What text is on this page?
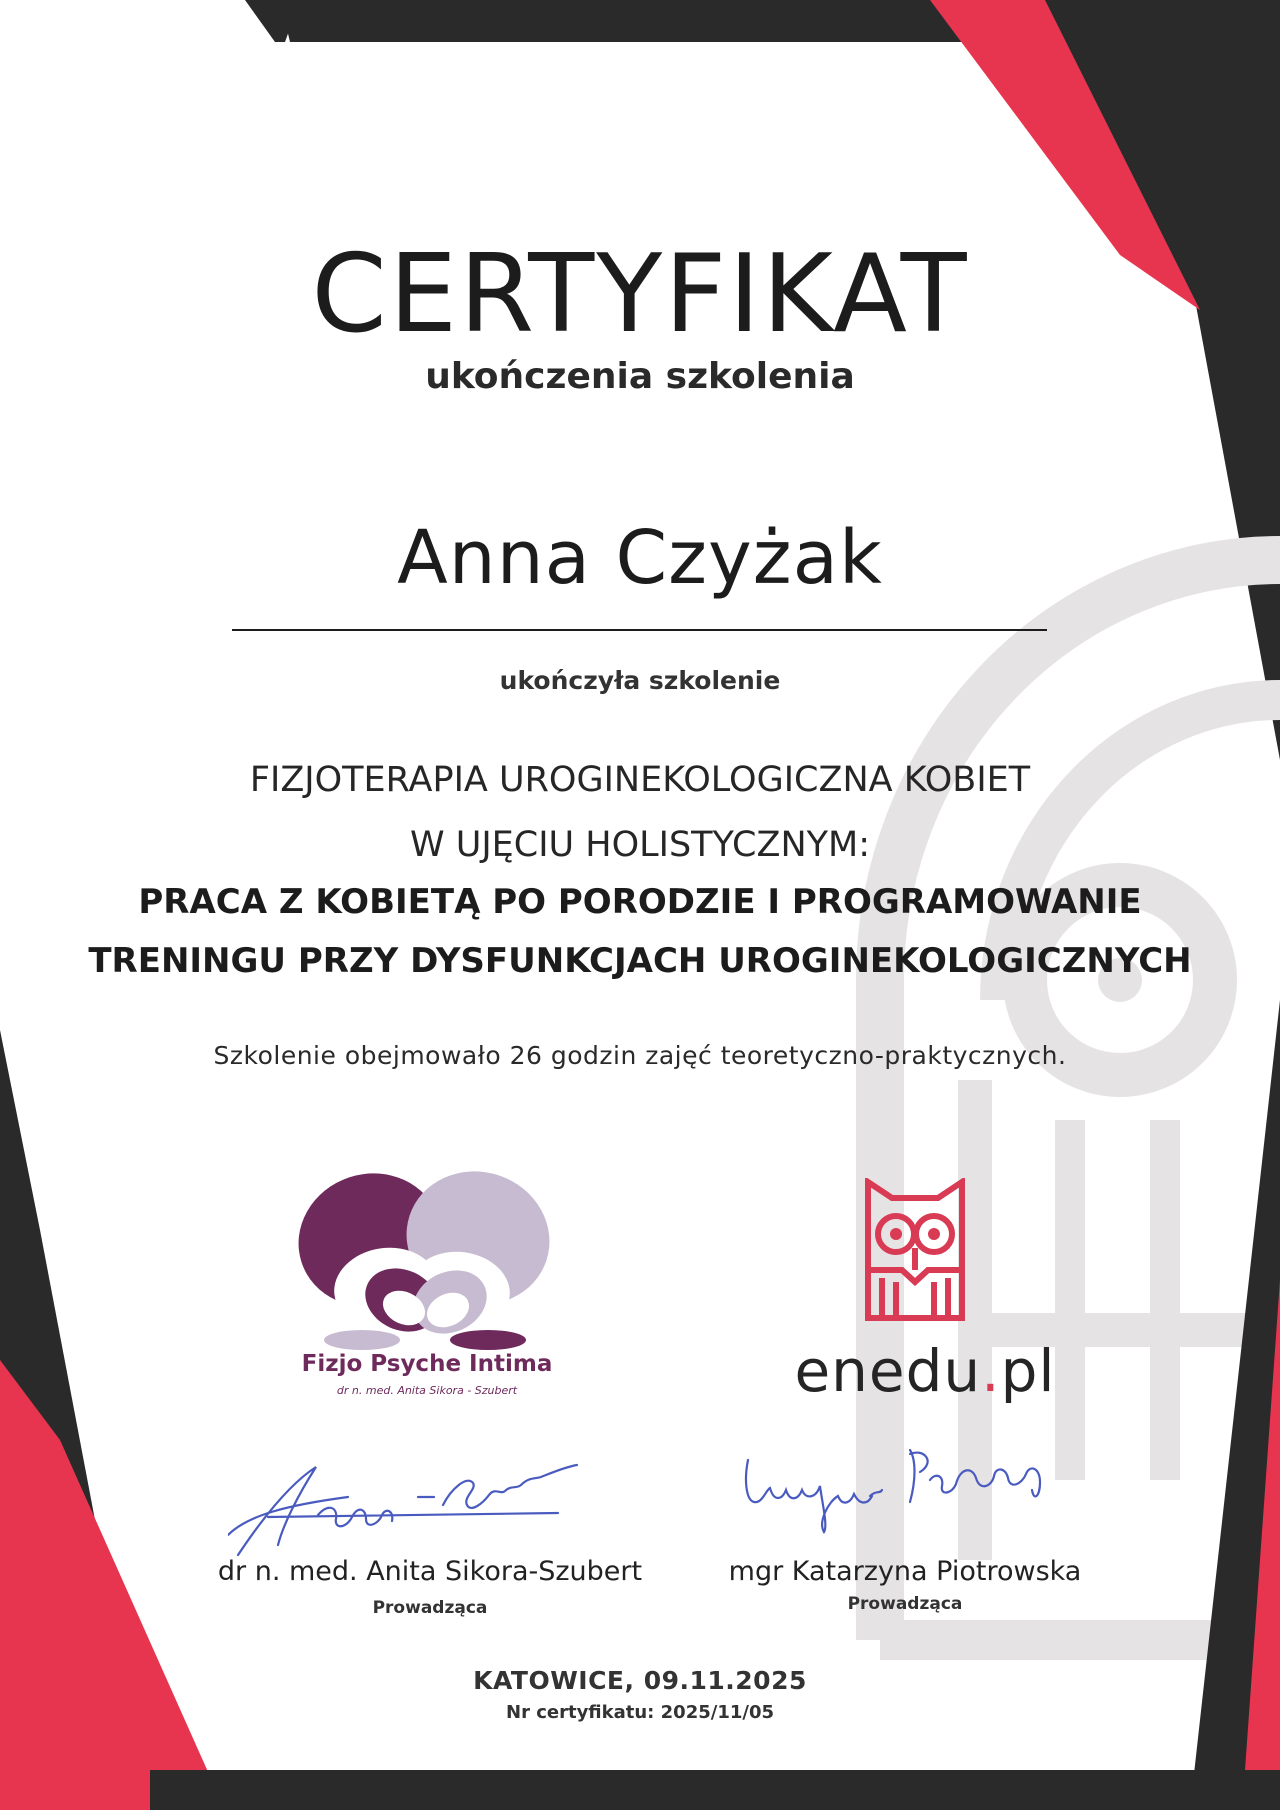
CERTYFIKAT
ukończenia szkolenia
Anna Czyżak
ukończyła szkolenie
FIZJOTERAPIA UROGINEKOLOGICZNA KOBIET
W UJĘCIU HOLISTYCZNYM:
PRACA Z KOBIETĄ PO PORODZIE I PROGRAMOWANIE
TRENINGU PRZY DYSFUNKCJACH UROGINEKOLOGICZNYCH
Szkolenie obejmowało 26 godzin zajęć teoretyczno-praktycznych.
Fizjo Psyche Intima
dr n. med. Anita Sikora - Szubert	enedu.pl
dr n. med. Anita Sikora-Szubert
Prowadząca
mgr Katarzyna Piotrowska
Prowadząca
KATOWICE, 09.11.2025
Nr certyfikatu: 2025/11/05
